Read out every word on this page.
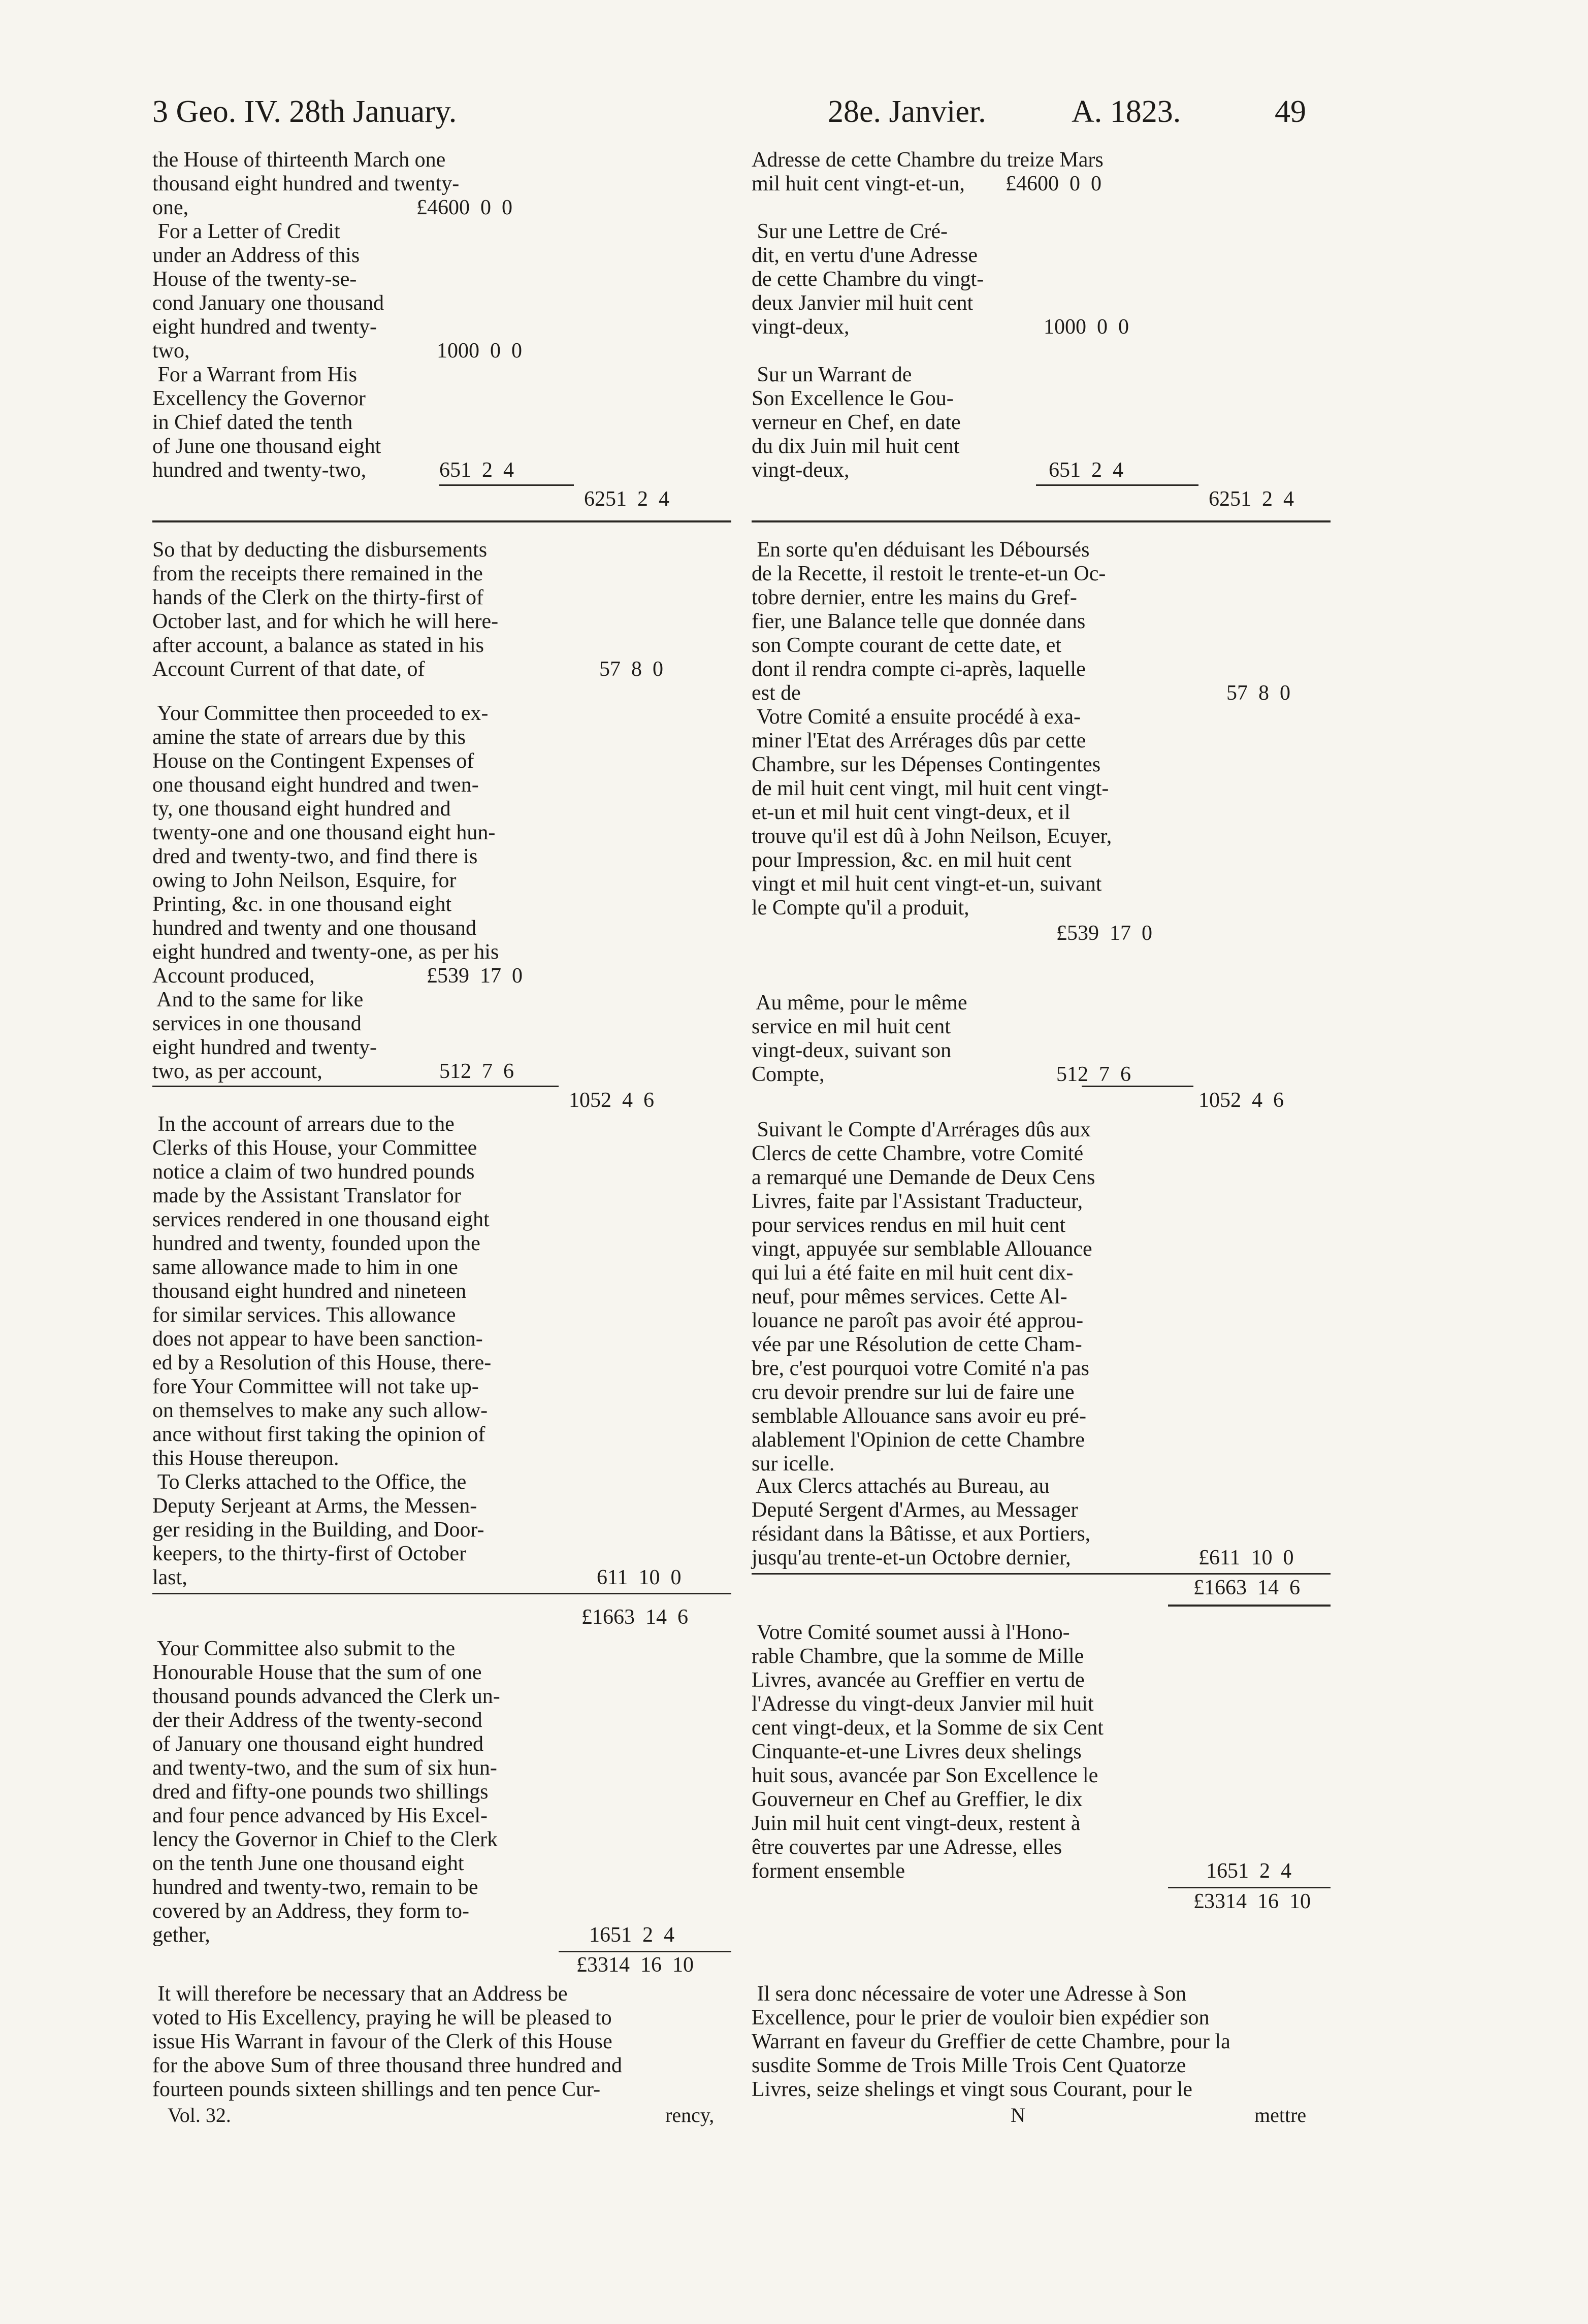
3 Geo. IV. 28th January.	28e. Janvier.	A. 1823.	49
the House of thirteenth March one
thousand eight hundred and twenty-
one,	£4600  0  0
For a Letter of Credit
under an Address of this
House of the twenty-se-
cond January one thousand
eight hundred and twenty-
two,	1000  0  0
For a Warrant from His
Excellency the Governor
in Chief dated the tenth
of June one thousand eight
hundred and twenty-two,	651  2  4
6251  2  4
So that by deducting the disbursements
from the receipts there remained in the
hands of the Clerk on the thirty-first of
October last, and for which he will here-
after account, a balance as stated in his
Account Current of that date, of	57  8  0
Your Committee then proceeded to ex-
amine the state of arrears due by this
House on the Contingent Expenses of
one thousand eight hundred and twen-
ty, one thousand eight hundred and
twenty-one and one thousand eight hun-
dred and twenty-two, and find there is
owing to John Neilson, Esquire, for
Printing, &c. in one thousand eight
hundred and twenty and one thousand
eight hundred and twenty-one, as per his
Account produced,	£539  17  0
And to the same for like
services in one thousand
eight hundred and twenty-
two, as per account,	512  7  6
1052  4  6
In the account of arrears due to the
Clerks of this House, your Committee
notice a claim of two hundred pounds
made by the Assistant Translator for
services rendered in one thousand eight
hundred and twenty, founded upon the
same allowance made to him in one
thousand eight hundred and nineteen
for similar services. This allowance
does not appear to have been sanction-
ed by a Resolution of this House, there-
fore Your Committee will not take up-
on themselves to make any such allow-
ance without first taking the opinion of
this House thereupon.
To Clerks attached to the Office, the
Deputy Serjeant at Arms, the Messen-
ger residing in the Building, and Door-
keepers, to the thirty-first of October
last,	611  10  0
£1663  14  6
Your Committee also submit to the
Honourable House that the sum of one
thousand pounds advanced the Clerk un-
der their Address of the twenty-second
of January one thousand eight hundred
and twenty-two, and the sum of six hun-
dred and fifty-one pounds two shillings
and four pence advanced by His Excel-
lency the Governor in Chief to the Clerk
on the tenth June one thousand eight
hundred and twenty-two, remain to be
covered by an Address, they form to-
gether,	1651  2  4
£3314  16  10
It will therefore be necessary that an Address be
voted to His Excellency, praying he will be pleased to
issue His Warrant in favour of the Clerk of this House
for the above Sum of three thousand three hundred and
fourteen pounds sixteen shillings and ten pence Cur-
Vol. 32.	rency,
Adresse de cette Chambre du treize Mars
mil huit cent vingt-et-un,	£4600  0  0
Sur une Lettre de Cré-
dit, en vertu d'une Adresse
de cette Chambre du vingt-
deux Janvier mil huit cent
vingt-deux,	1000  0  0
Sur un Warrant de
Son Excellence le Gou-
verneur en Chef, en date
du dix Juin mil huit cent
vingt-deux,	651  2  4
6251  2  4
En sorte qu'en déduisant les Déboursés
de la Recette, il restoit le trente-et-un Oc-
tobre dernier, entre les mains du Gref-
fier, une Balance telle que donnée dans
son Compte courant de cette date, et
dont il rendra compte ci-après, laquelle
est de	57  8  0
Votre Comité a ensuite procédé à exa-
miner l'Etat des Arrérages dûs par cette
Chambre, sur les Dépenses Contingentes
de mil huit cent vingt, mil huit cent vingt-
et-un et mil huit cent vingt-deux, et il
trouve qu'il est dû à John Neilson, Ecuyer,
pour Impression, &c. en mil huit cent
vingt et mil huit cent vingt-et-un, suivant
le Compte qu'il a produit,
£539  17  0
Au même, pour le même
service en mil huit cent
vingt-deux, suivant son
Compte,	512  7  6
1052  4  6
Suivant le Compte d'Arrérages dûs aux
Clercs de cette Chambre, votre Comité
a remarqué une Demande de Deux Cens
Livres, faite par l'Assistant Traducteur,
pour services rendus en mil huit cent
vingt, appuyée sur semblable Allouance
qui lui a été faite en mil huit cent dix-
neuf, pour mêmes services. Cette Al-
louance ne paroît pas avoir été approu-
vée par une Résolution de cette Cham-
bre, c'est pourquoi votre Comité n'a pas
cru devoir prendre sur lui de faire une
semblable Allouance sans avoir eu pré-
alablement l'Opinion de cette Chambre
sur icelle.
Aux Clercs attachés au Bureau, au
Deputé Sergent d'Armes, au Messager
résidant dans la Bâtisse, et aux Portiers,
jusqu'au trente-et-un Octobre dernier,	£611  10  0
£1663  14  6
Votre Comité soumet aussi à l'Hono-
rable Chambre, que la somme de Mille
Livres, avancée au Greffier en vertu de
l'Adresse du vingt-deux Janvier mil huit
cent vingt-deux, et la Somme de six Cent
Cinquante-et-une Livres deux shelings
huit sous, avancée par Son Excellence le
Gouverneur en Chef au Greffier, le dix
Juin mil huit cent vingt-deux, restent à
être couvertes par une Adresse, elles
forment ensemble	1651  2  4
£3314  16  10
Il sera donc nécessaire de voter une Adresse à Son
Excellence, pour le prier de vouloir bien expédier son
Warrant en faveur du Greffier de cette Chambre, pour la
susdite Somme de Trois Mille Trois Cent Quatorze
Livres, seize shelings et vingt sous Courant, pour le
N	mettre
